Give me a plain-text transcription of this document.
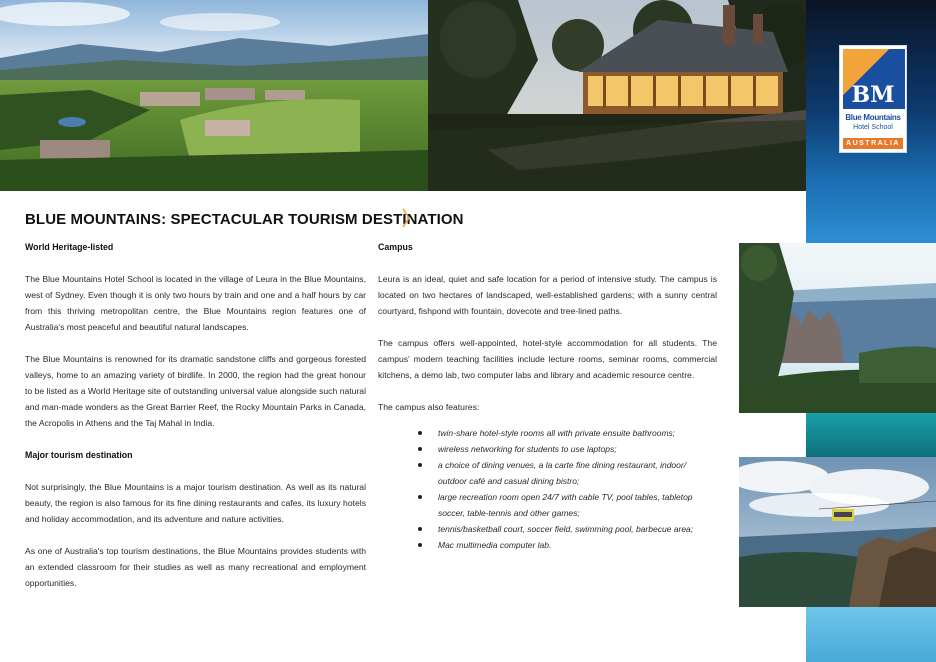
BM
Blue Mountains
Hotel School
AUSTRALIA
BLUE MOUNTAINS: SPECTACULAR TOURISM DESTINATION
World Heritage-listed

The Blue Mountains Hotel School is located in the village of Leura in the Blue Mountains, west of Sydney. Even though it is only two hours by train and one and a half hours by car from this thriving metropolitan centre, the Blue Mountains region features one of Australia's most peaceful and beautiful natural landscapes.

The Blue Mountains is renowned for its dramatic sandstone cliffs and gorgeous forested valleys, home to an amazing variety of birdlife. In 2000, the region had the great honour to be listed as a World Heritage site of outstanding universal value alongside such natural and man-made wonders as the Great Barrier Reef, the Rocky Mountain Parks in Canada, the Acropolis in Athens and the Taj Mahal in India.

Major tourism destination

Not surprisingly, the Blue Mountains is a major tourism destination. As well as its natural beauty, the region is also famous for its fine dining restaurants and cafes, its luxury hotels and holiday accommodation, and its adventure and nature activities.

As one of Australia's top tourism destinations, the Blue Mountains provides students with an extended classroom for their studies as well as many recreational and employment opportunities.

Campus

Leura is an ideal, quiet and safe location for a period of intensive study. The campus is located on two hectares of landscaped, well-established gardens; with a sunny central courtyard, fishpond with fountain, dovecote and tree-lined paths.

The campus offers well-appointed, hotel-style accommodation for all students. The campus' modern teaching facilities include lecture rooms, seminar rooms, commercial kitchens, a demo lab, two computer labs and library and academic resource centre.

The campus also features:

twin-share hotel-style rooms all with private ensuite bathrooms;
wireless networking for students to use laptops;
a choice of dining venues, a la carte fine dining restaurant, indoor/ outdoor café and casual dining bistro;
large recreation room open 24/7 with cable TV, pool tables, tabletop soccer, table-tennis and other games;
tennis/basketball court, soccer field, swimming pool, barbecue area;
Mac multimedia computer lab.
